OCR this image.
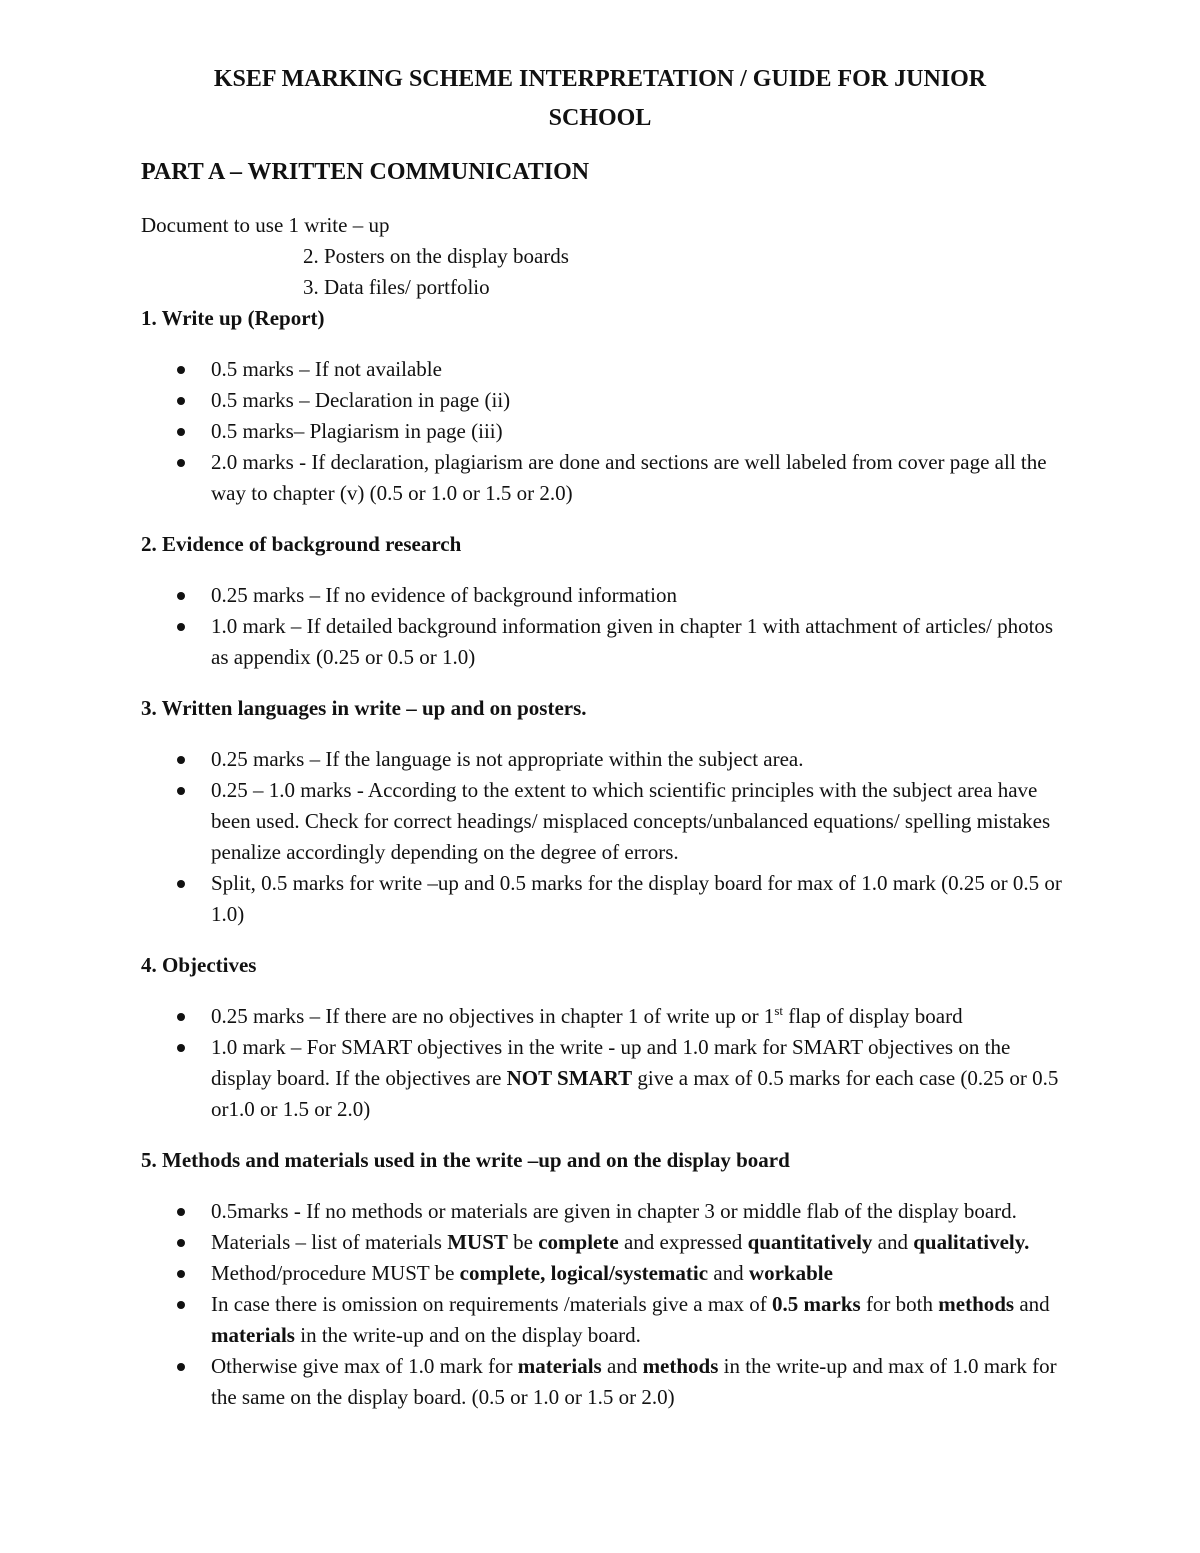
KSEF MARKING SCHEME INTERPRETATION / GUIDE FOR JUNIOR
SCHOOL
PART A – WRITTEN COMMUNICATION

Document to use 1 write – up

2. Posters on the display boards

3. Data files/ portfolio

1. Write up (Report)

0.5 marks – If not available
0.5 marks – Declaration in page (ii)
0.5 marks– Plagiarism in page (iii)
2.0 marks - If declaration, plagiarism are done and sections are well labeled from cover page all the way to chapter (v) (0.5 or 1.0 or 1.5 or 2.0)

2. Evidence of background research

0.25 marks – If no evidence of background information
1.0 mark – If detailed background information given in chapter 1 with attachment of articles/ photos as appendix (0.25 or 0.5 or 1.0)

3. Written languages in write – up and on posters.

0.25 marks – If the language is not appropriate within the subject area.
0.25 – 1.0 marks - According to the extent to which scientific principles with the subject area have been used. Check for correct headings/ misplaced concepts/unbalanced equations/ spelling mistakes penalize accordingly depending on the degree of errors.
Split, 0.5 marks for write –up and 0.5 marks for the display board for max of 1.0 mark (0.25 or 0.5 or 1.0)

4. Objectives

0.25 marks – If there are no objectives in chapter 1 of write up or 1st flap of display board
1.0 mark – For SMART objectives in the write - up and 1.0 mark for SMART objectives on the display board. If the objectives are NOT SMART give a max of 0.5 marks for each case (0.25 or 0.5 or1.0 or 1.5 or 2.0)

5. Methods and materials used in the write –up and on the display board

0.5marks - If no methods or materials are given in chapter 3 or middle flab of the display board.
Materials – list of materials MUST be complete and expressed quantitatively and qualitatively.
Method/procedure MUST be complete, logical/systematic and workable
In case there is omission on requirements /materials give a max of 0.5 marks for both methods and materials in the write-up and on the display board.
Otherwise give max of 1.0 mark for materials and methods in the write-up and max of 1.0 mark for the same on the display board. (0.5 or 1.0 or 1.5 or 2.0)
